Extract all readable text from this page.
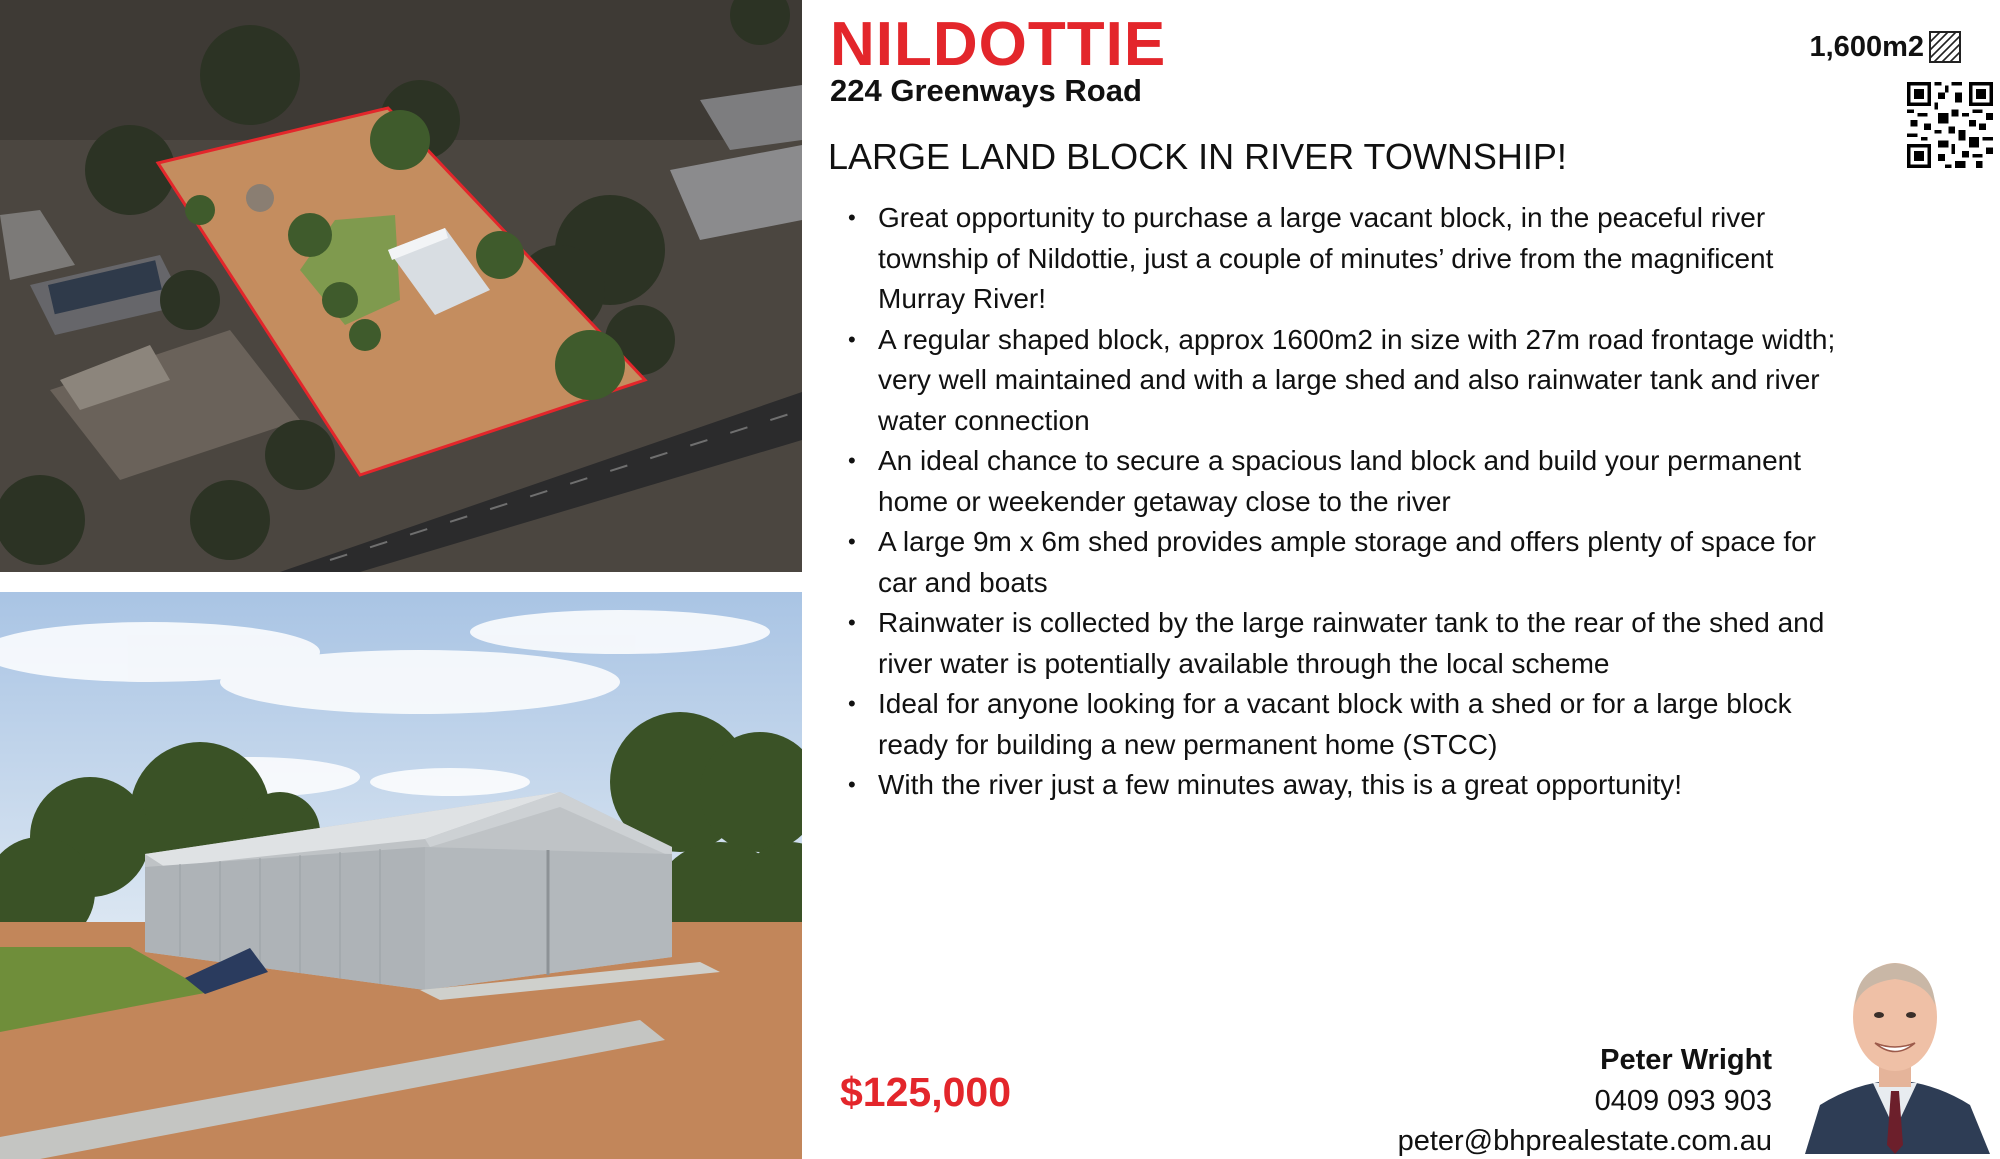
NILDOTTIE
224 Greenways Road
LARGE LAND BLOCK IN RIVER TOWNSHIP!
1,600m2
• Great opportunity to purchase a large vacant block, in the peaceful river township of Nildottie, just a couple of minutes’ drive from the magnificent Murray River!
• A regular shaped block, approx 1600m2 in size with 27m road frontage width; very well maintained and with a large shed and also rainwater tank and river water connection
• An ideal chance to secure a spacious land block and build your permanent home or weekender getaway close to the river
• A large 9m x 6m shed provides ample storage and offers plenty of space for car and boats
• Rainwater is collected by the large rainwater tank to the rear of the shed and river water is potentially available through the local scheme
• Ideal for anyone looking for a vacant block with a shed or for a large block ready for building a new permanent home (STCC)
• With the river just a few minutes away, this is a great opportunity!
$125,000
Peter Wright
0409 093 903
peter@bhprealestate.com.au
